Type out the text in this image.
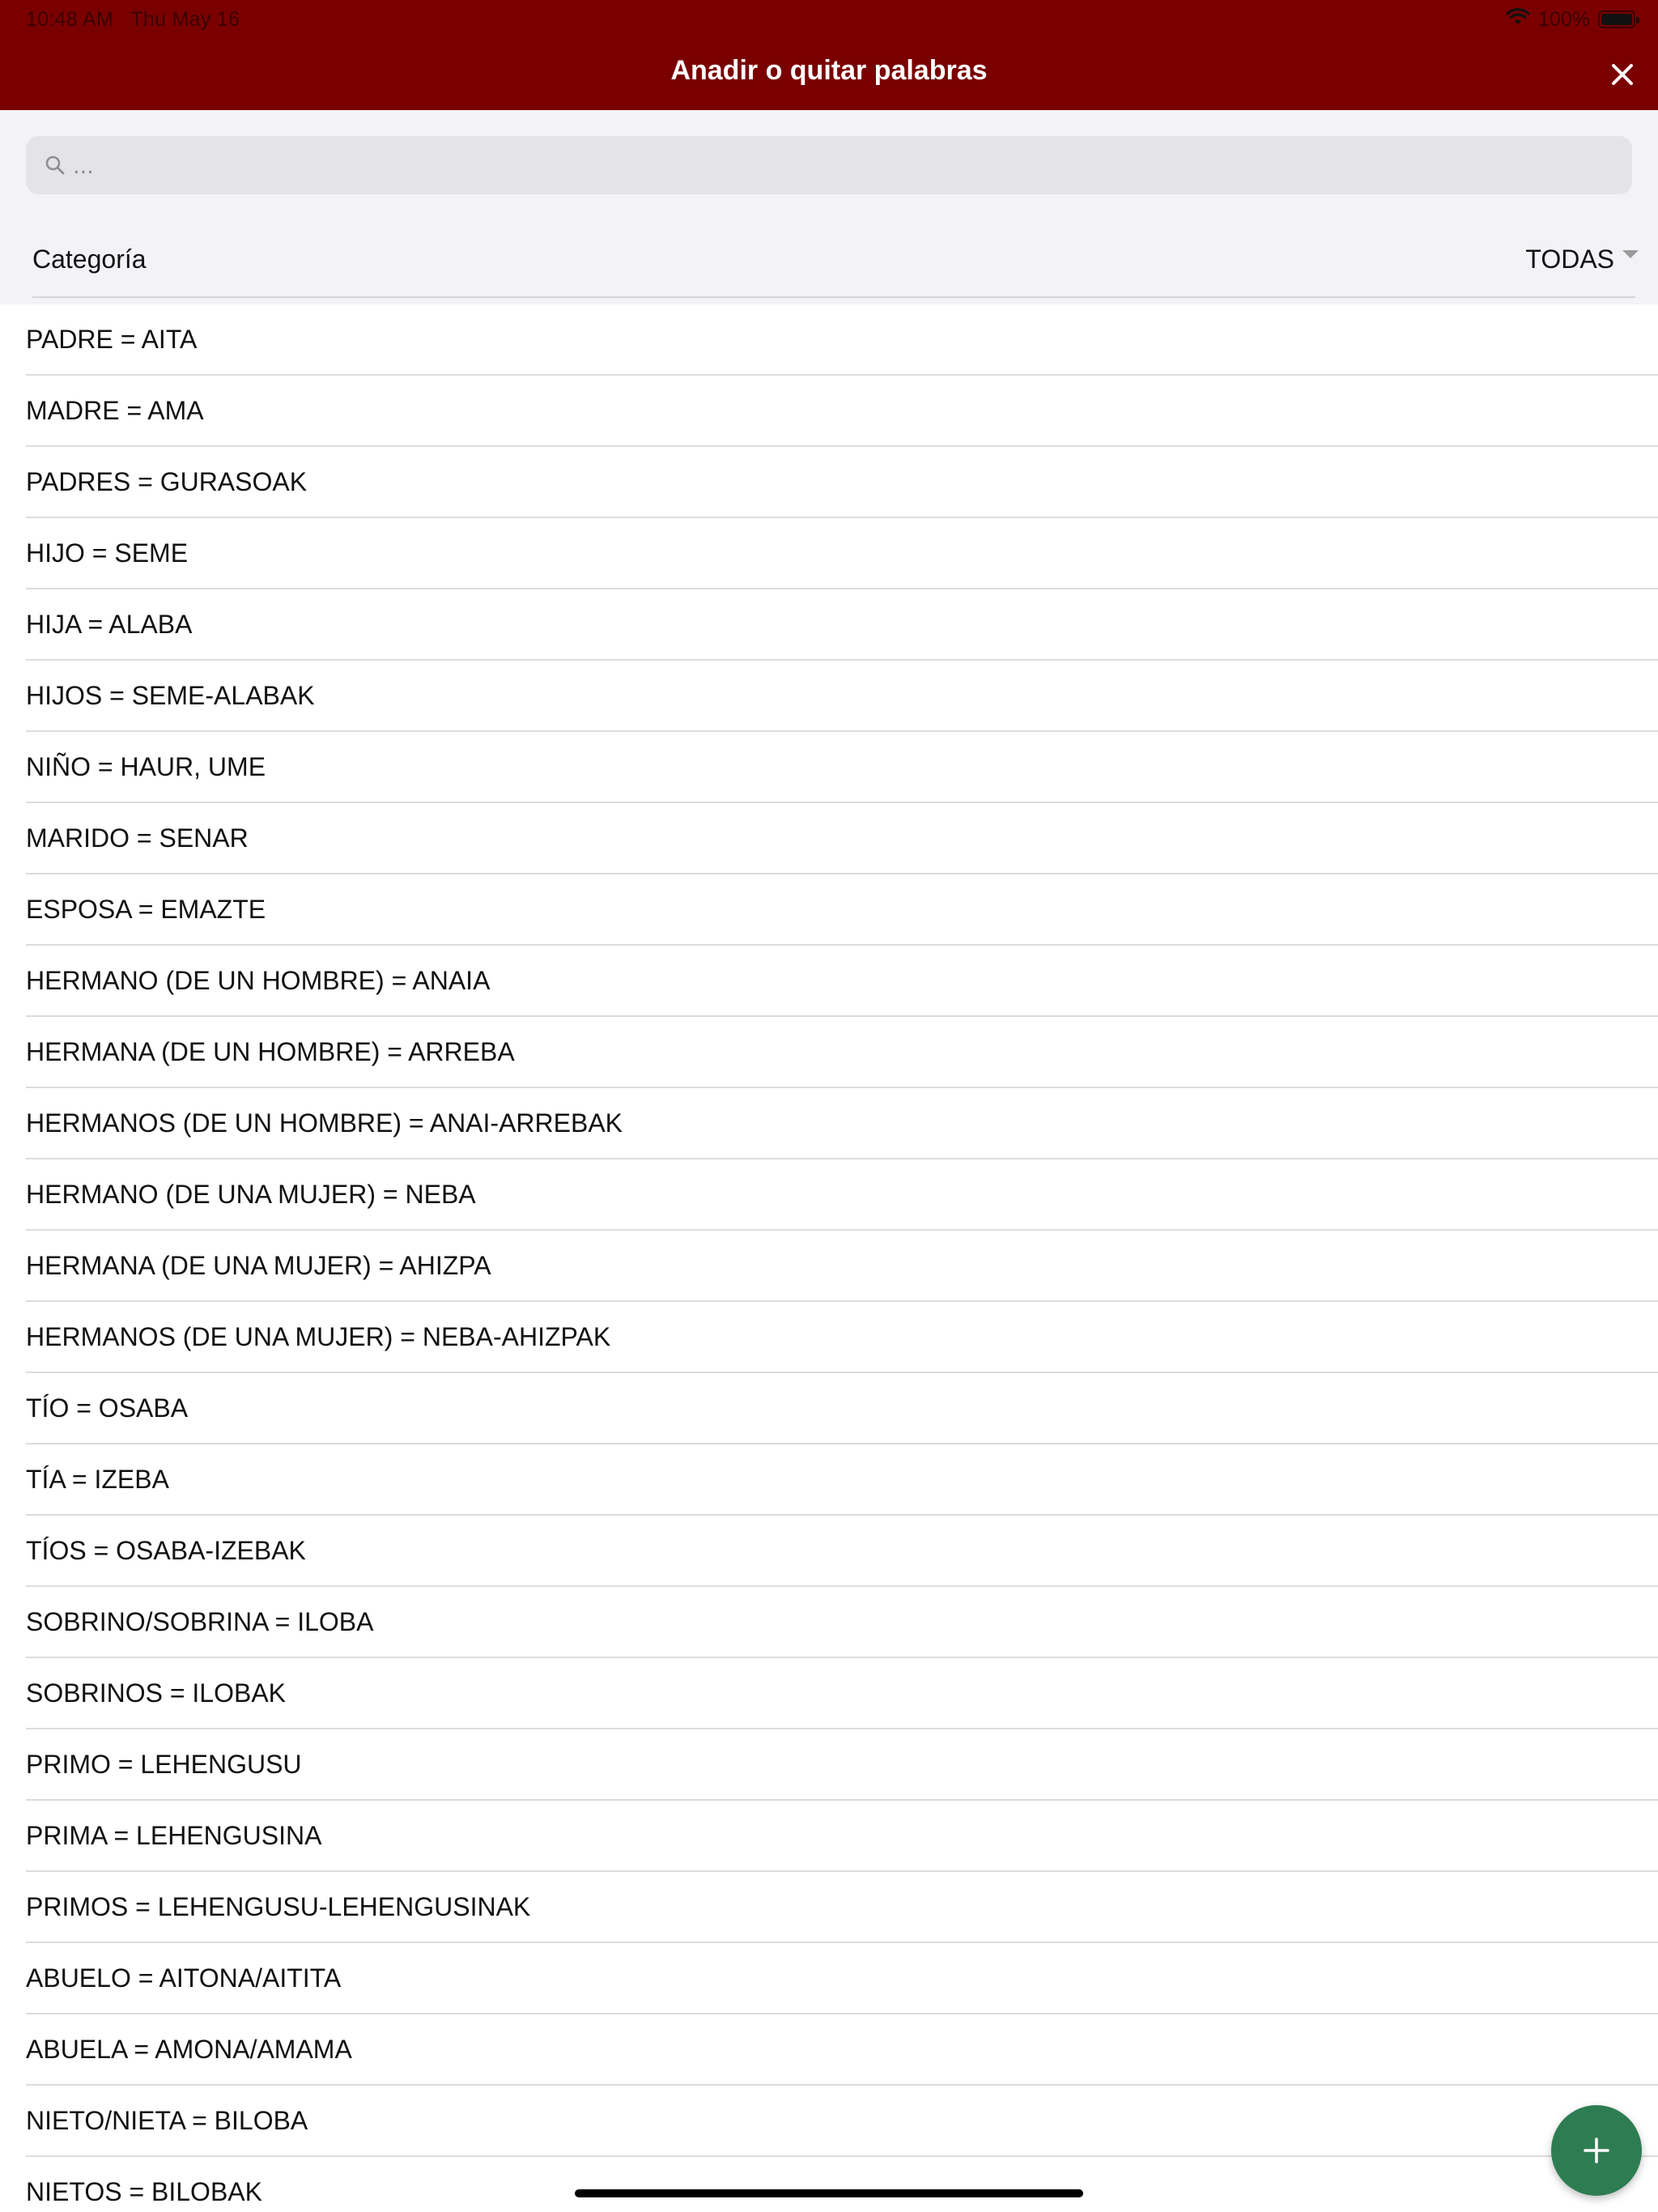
10:48 AM Thu May 16	100%
Anadir o quitar palabras
...
Categoría	TODAS
PADRE = AITA
MADRE = AMA
PADRES = GURASOAK
HIJO = SEME
HIJA = ALABA
HIJOS = SEME-ALABAK
NIÑO = HAUR, UME
MARIDO = SENAR
ESPOSA = EMAZTE
HERMANO (DE UN HOMBRE) = ANAIA
HERMANA (DE UN HOMBRE) = ARREBA
HERMANOS (DE UN HOMBRE) = ANAI-ARREBAK
HERMANO (DE UNA MUJER) = NEBA
HERMANA (DE UNA MUJER) = AHIZPA
HERMANOS (DE UNA MUJER) = NEBA-AHIZPAK
TÍO = OSABA
TÍA = IZEBA
TÍOS = OSABA-IZEBAK
SOBRINO/SOBRINA = ILOBA
SOBRINOS = ILOBAK
PRIMO = LEHENGUSU
PRIMA = LEHENGUSINA
PRIMOS = LEHENGUSU-LEHENGUSINAK
ABUELO = AITONA/AITITA
ABUELA = AMONA/AMAMA
NIETO/NIETA = BILOBA
NIETOS = BILOBAK
